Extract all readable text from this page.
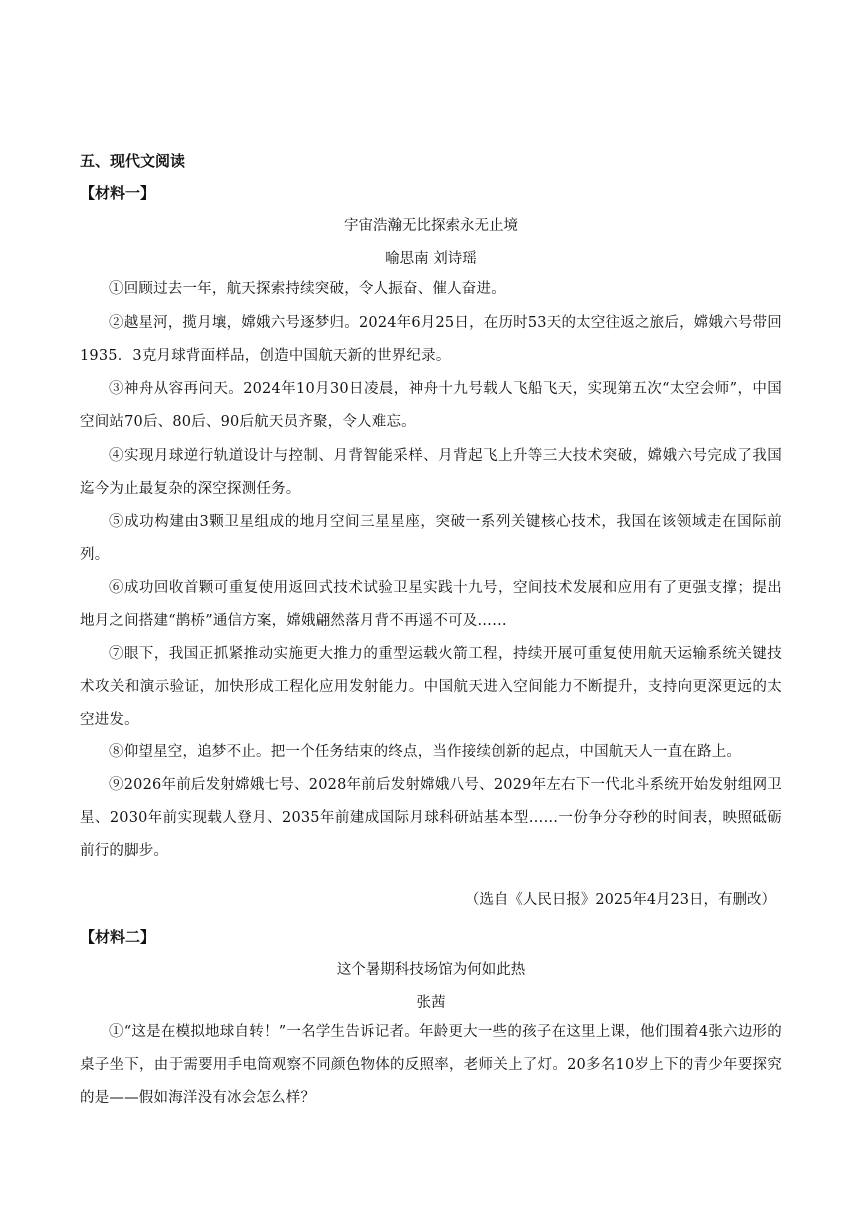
五、现代文阅读
【材料一】
宇宙浩瀚无比探索永无止境
喻思南 刘诗瑶
①回顾过去一年，航天探索持续突破，令人振奋、催人奋进。
②越星河，揽月壤，嫦娥六号逐梦归。2024年6月25日，在历时53天的太空往返之旅后，嫦娥六号带回1935．3克月球背面样品，创造中国航天新的世界纪录。
③神舟从容再问天。2024年10月30日凌晨，神舟十九号载人飞船飞天，实现第五次“太空会师”，中国空间站70后、80后、90后航天员齐聚，令人难忘。
④实现月球逆行轨道设计与控制、月背智能采样、月背起飞上升等三大技术突破，嫦娥六号完成了我国迄今为止最复杂的深空探测任务。
⑤成功构建由3颗卫星组成的地月空间三星星座，突破一系列关键核心技术，我国在该领域走在国际前列。
⑥成功回收首颗可重复使用返回式技术试验卫星实践十九号，空间技术发展和应用有了更强支撑；提出地月之间搭建“鹊桥”通信方案，嫦娥翩然落月背不再遥不可及……
⑦眼下，我国正抓紧推动实施更大推力的重型运载火箭工程，持续开展可重复使用航天运输系统关键技术攻关和演示验证，加快形成工程化应用发射能力。中国航天进入空间能力不断提升，支持向更深更远的太空进发。
⑧仰望星空，追梦不止。把一个任务结束的终点，当作接续创新的起点，中国航天人一直在路上。
⑨2026年前后发射嫦娥七号、2028年前后发射嫦娥八号、2029年左右下一代北斗系统开始发射组网卫星、2030年前实现载人登月、2035年前建成国际月球科研站基本型……一份争分夺秒的时间表，映照砥砺前行的脚步。
（选自《人民日报》2025年4月23日，有删改）
【材料二】
这个暑期科技场馆为何如此热
张茜
①“这是在模拟地球自转！”一名学生告诉记者。年龄更大一些的孩子在这里上课，他们围着4张六边形的桌子坐下，由于需要用手电筒观察不同颜色物体的反照率，老师关上了灯。20多名10岁上下的青少年要探究的是——假如海洋没有冰会怎么样？
